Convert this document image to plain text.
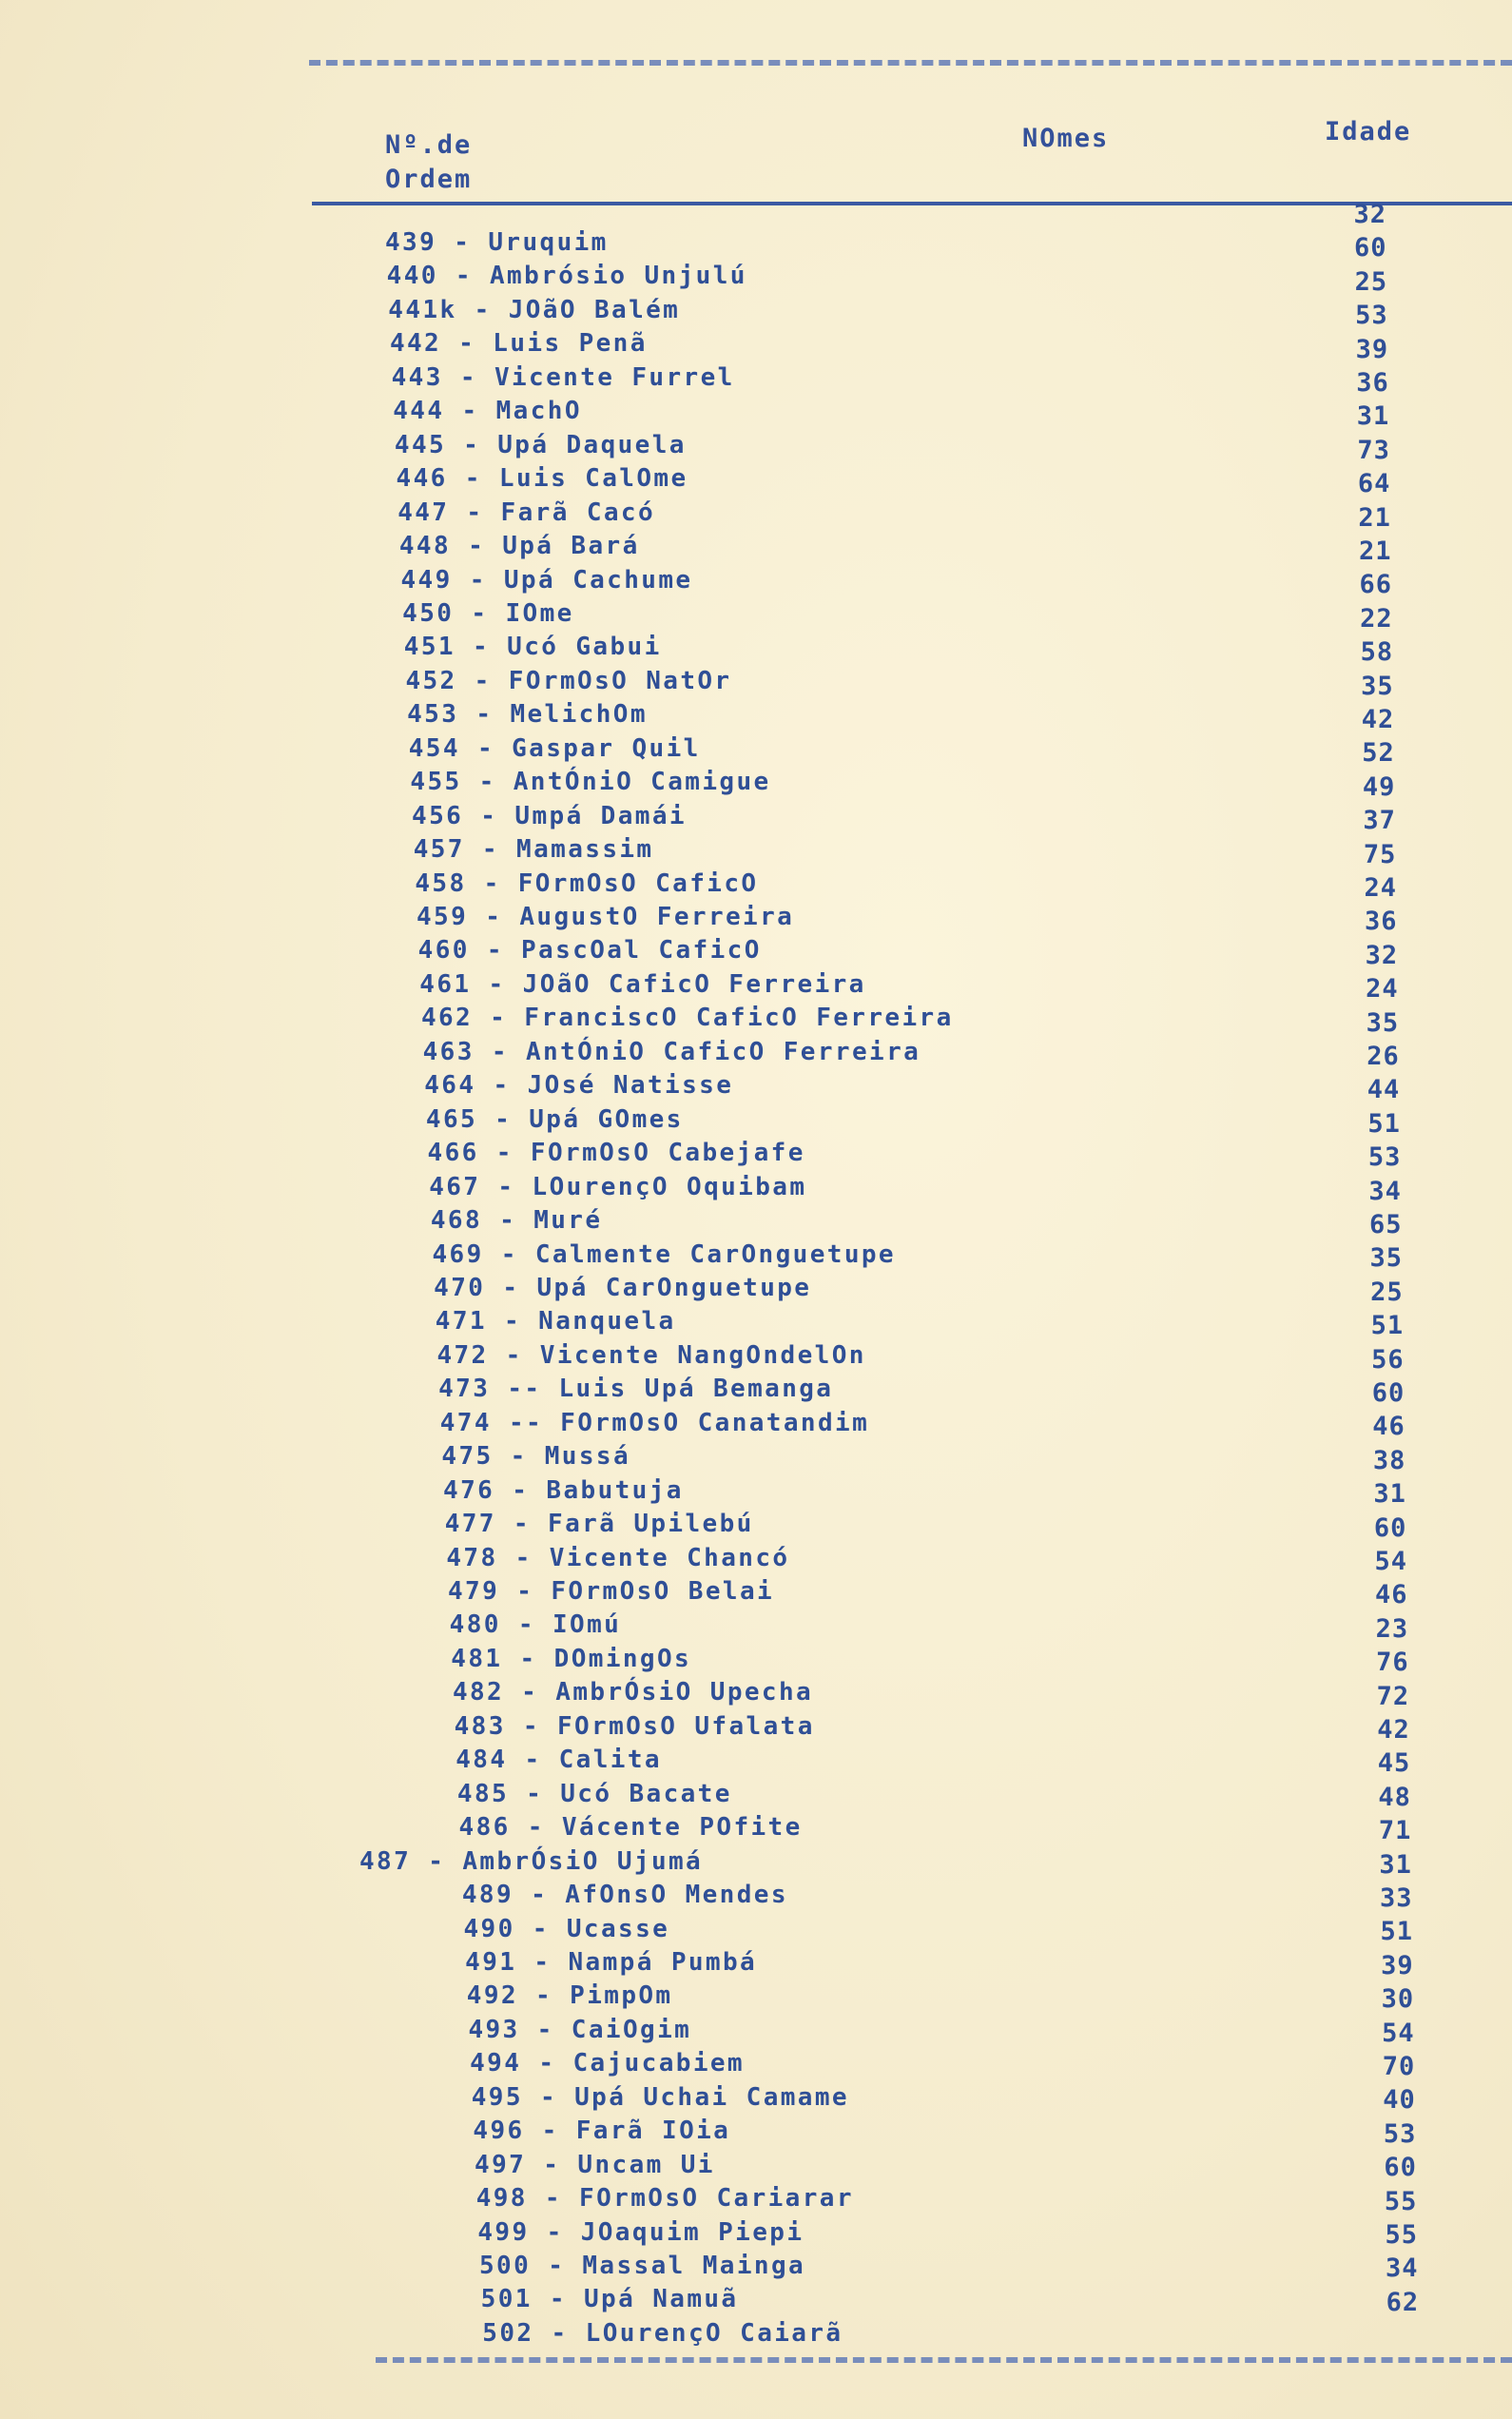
Nº.de
Ordem
NOmes	Idade
439 - Uruquim
440 - Ambrósio Unjulú
441k - JOãO Balém
442 - Luis Penã
443 - Vicente Furrel
444 - MachO
445 - Upá Daquela
446 - Luis CalOme
447 - Farã Cacó
448 - Upá Bará
449 - Upá Cachume
450 - IOme
451 - Ucó Gabui
452 - FOrmOsO NatOr
453 - MelichOm
454 - Gaspar Quil
455 - AntÓniO Camigue
456 - Umpá Damái
457 - Mamassim
458 - FOrmOsO CaficO
459 - AugustO Ferreira
460 - PascOal CaficO
461 - JOãO CaficO Ferreira
462 - FranciscO CaficO Ferreira
463 - AntÓniO CaficO Ferreira
464 - JOsé Natisse
465 - Upá GOmes
466 - FOrmOsO Cabejafe
467 - LOurençO Oquibam
468 - Muré
469 - Calmente CarOnguetupe
470 - Upá CarOnguetupe
471 - Nanquela
472 - Vicente NangOndelOn
473 -- Luis Upá Bemanga
474 -- FOrmOsO Canatandim
475 - Mussá
476 - Babutuja
477 - Farã Upilebú
478 - Vicente Chancó
479 - FOrmOsO Belai
480 - IOmú
481 - DOmingOs
482 - AmbrÓsiO Upecha
483 - FOrmOsO Ufalata
484 - Calita
485 - Ucó Bacate
486 - Vácente POfite
487 - AmbrÓsiO Ujumá
489 - AfOnsO Mendes
490 - Ucasse
491 - Nampá Pumbá
492 - PimpOm
493 - CaiOgim
494 - Cajucabiem
495 - Upá Uchai Camame
496 - Farã IOia
497 - Uncam Ui
498 - FOrmOsO Cariarar
499 - JOaquim Piepi
500 - Massal Mainga
501 - Upá Namuã
502 - LOurençO Caiarã
32
60
25
53
39
36
31
73
64
21
21
66
22
58
35
42
52
49
37
75
24
36
32
24
35
26
44
51
53
34
65
35
25
51
56
60
46
38
31
60
54
46
23
76
72
42
45
48
71
31
33
51
39
30
54
70
40
53
60
55
55
34
62
